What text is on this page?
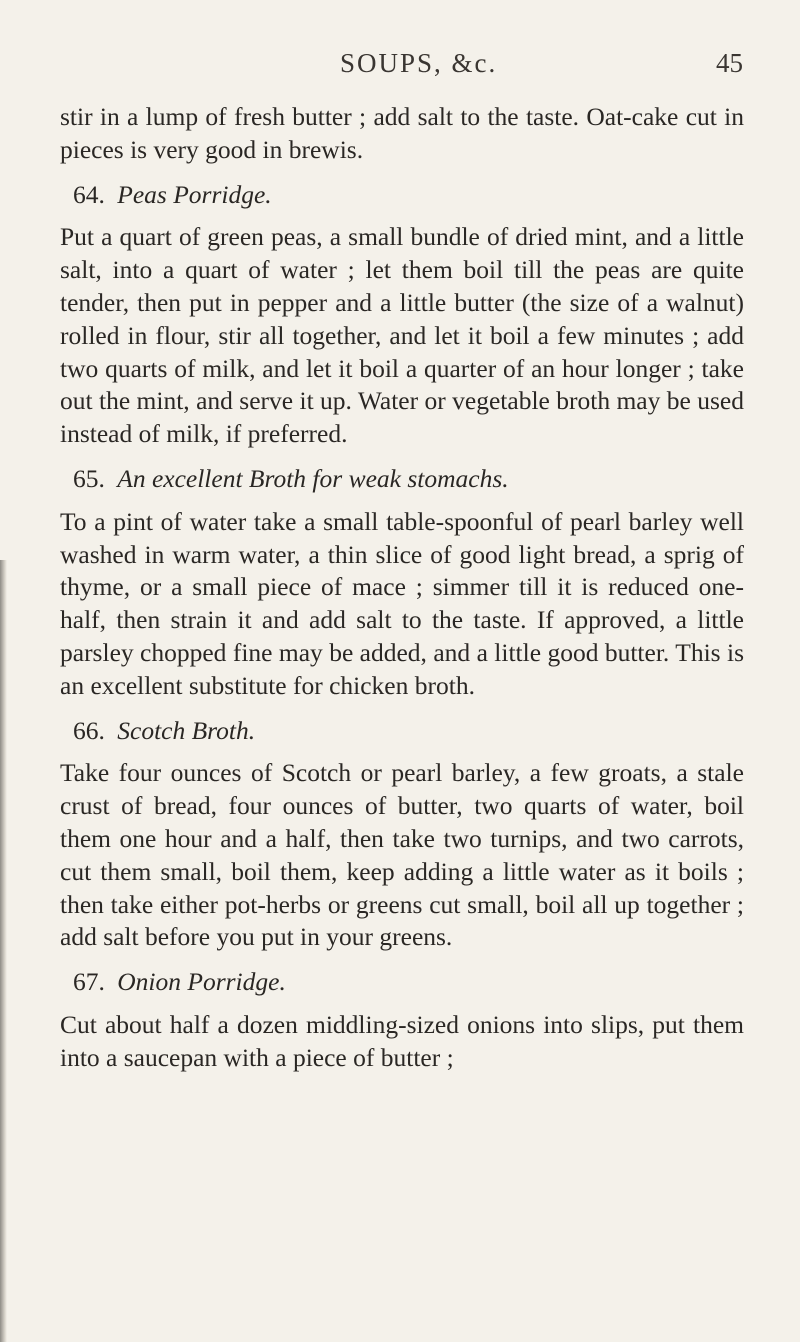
SOUPS, &c.	45

stir in a lump of fresh butter ; add salt to the taste. Oat-cake cut in pieces is very good in brewis.

64. Peas Porridge.

Put a quart of green peas, a small bundle of dried mint, and a little salt, into a quart of water ; let them boil till the peas are quite tender, then put in pepper and a little butter (the size of a walnut) rolled in flour, stir all together, and let it boil a few minutes ; add two quarts of milk, and let it boil a quarter of an hour longer ; take out the mint, and serve it up. Water or vegetable broth may be used instead of milk, if preferred.

65. An excellent Broth for weak stomachs.

To a pint of water take a small table-spoonful of pearl barley well washed in warm water, a thin slice of good light bread, a sprig of thyme, or a small piece of mace ; simmer till it is reduced one-half, then strain it and add salt to the taste. If approved, a little parsley chopped fine may be added, and a little good butter. This is an excellent substitute for chicken broth.

66. Scotch Broth.

Take four ounces of Scotch or pearl barley, a few groats, a stale crust of bread, four ounces of butter, two quarts of water, boil them one hour and a half, then take two turnips, and two carrots, cut them small, boil them, keep adding a little water as it boils ; then take either pot-herbs or greens cut small, boil all up together ; add salt before you put in your greens.

67. Onion Porridge.

Cut about half a dozen middling-sized onions into slips, put them into a saucepan with a piece of butter ;
